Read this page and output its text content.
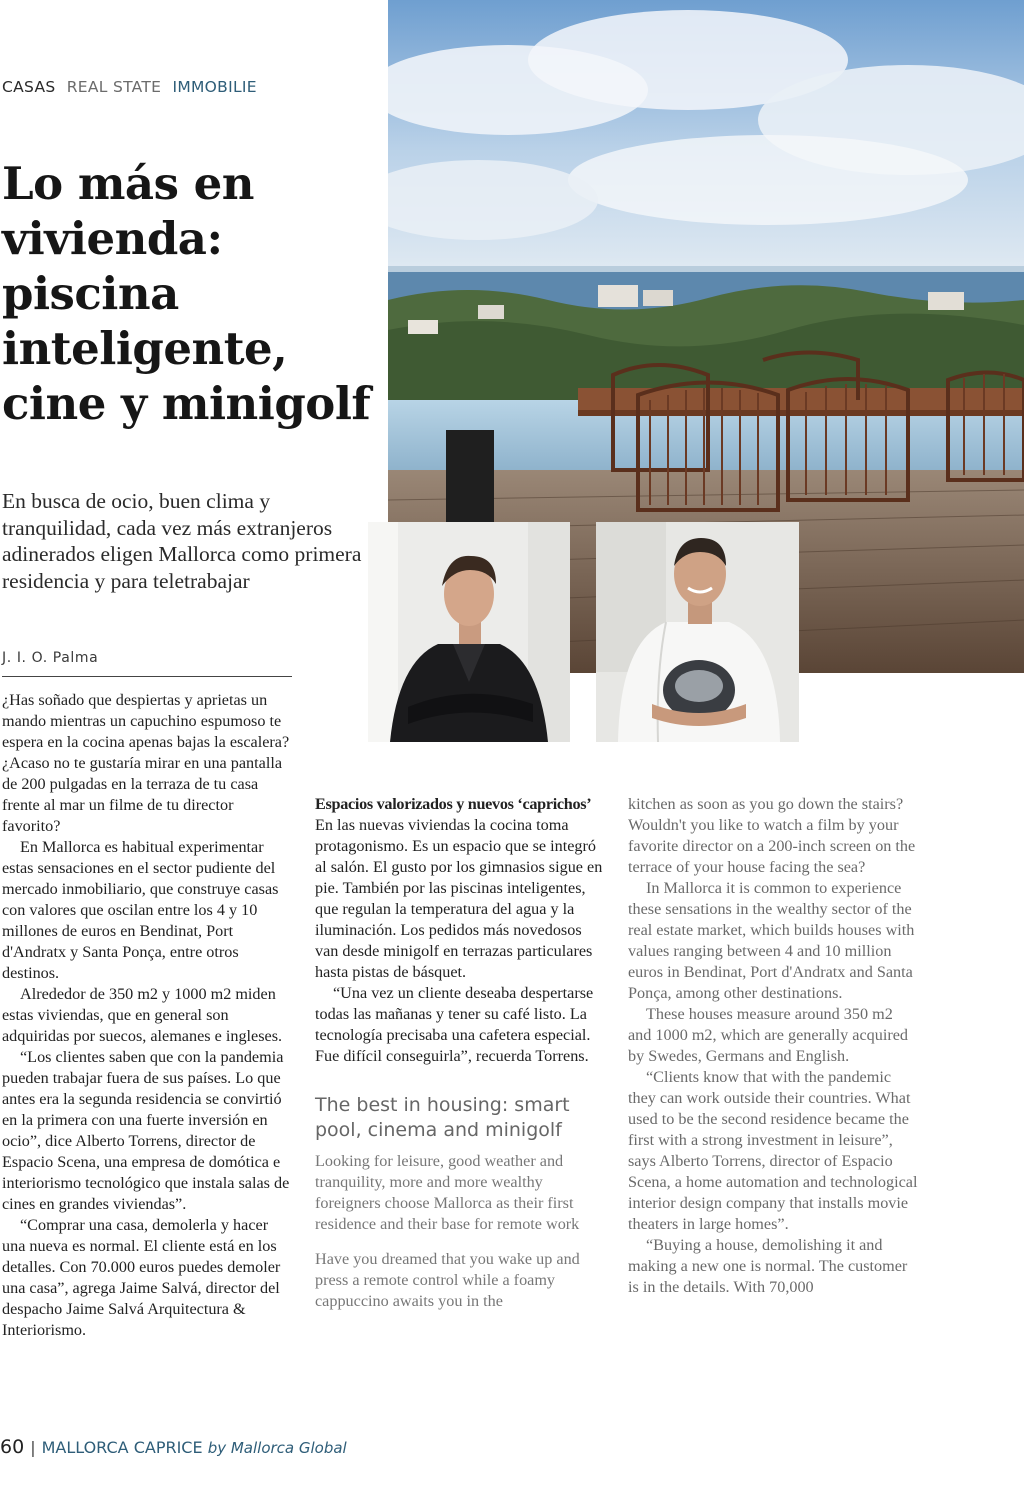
CASAS REAL STATE IMMOBILIE
Lo más en vivienda: piscina inteligente, cine y minigolf

En busca de ocio, buen clima y tranquilidad, cada vez más extranjeros adinerados eligen Mallorca como primera residencia y para teletrabajar

J. I. O. Palma

¿Has soñado que despiertas y aprietas un mando mientras un capuchino espumoso te espera en la cocina apenas bajas la escalera? ¿Acaso no te gustaría mirar en una pantalla de 200 pulgadas en la terraza de tu casa frente al mar un filme de tu director favorito?

En Mallorca es habitual experimentar estas sensaciones en el sector pudiente del mercado inmobiliario, que construye casas con valores que oscilan entre los 4 y 10 millones de euros en Bendinat, Port d'Andratx y Santa Ponça, entre otros destinos.

Alrededor de 350 m2 y 1000 m2 miden estas viviendas, que en general son adquiridas por suecos, alemanes e ingleses.

“Los clientes saben que con la pandemia pueden trabajar fuera de sus países. Lo que antes era la segunda residencia se convirtió en la primera con una fuerte inversión en ocio”, dice Alberto Torrens, director de Espacio Scena, una empresa de domótica e interiorismo tecnológico que instala salas de cines en grandes viviendas”.

“Comprar una casa, demolerla y hacer una nueva es normal. El cliente está en los detalles. Con 70.000 euros puedes demoler una casa”, agrega Jaime Salvá, director del despacho Jaime Salvá Arquitectura & Interiorismo.

Espacios valorizados y nuevos ‘caprichos’

En las nuevas viviendas la cocina toma protagonismo. Es un espacio que se integró al salón. El gusto por los gimnasios sigue en pie. También por las piscinas inteligentes, que regulan la temperatura del agua y la iluminación. Los pedidos más novedosos van desde minigolf en terrazas particulares hasta pistas de básquet.

“Una vez un cliente deseaba despertarse todas las mañanas y tener su café listo. La tecnología precisaba una cafetera especial. Fue difícil conseguirla”, recuerda Torrens.

The best in housing: smart pool, cinema and minigolf

Looking for leisure, good weather and tranquility, more and more wealthy foreigners choose Mallorca as their first residence and their base for remote work

Have you dreamed that you wake up and press a remote control while a foamy cappuccino awaits you in the

kitchen as soon as you go down the stairs? Wouldn't you like to watch a film by your favorite director on a 200-inch screen on the terrace of your house facing the sea?

In Mallorca it is common to experience these sensations in the wealthy sector of the real estate market, which builds houses with values ranging between 4 and 10 million euros in Bendinat, Port d'Andratx and Santa Ponça, among other destinations.

These houses measure around 350 m2 and 1000 m2, which are generally acquired by Swedes, Germans and English.

“Clients know that with the pandemic they can work outside their countries. What used to be the second residence became the first with a strong investment in leisure”, says Alberto Torrens, director of Espacio Scena, a home automation and technological interior design company that installs movie theaters in large homes”.

“Buying a house, demolishing it and making a new one is normal. The customer is in the details. With 70,000

60 | MALLORCA CAPRICE by Mallorca Global
